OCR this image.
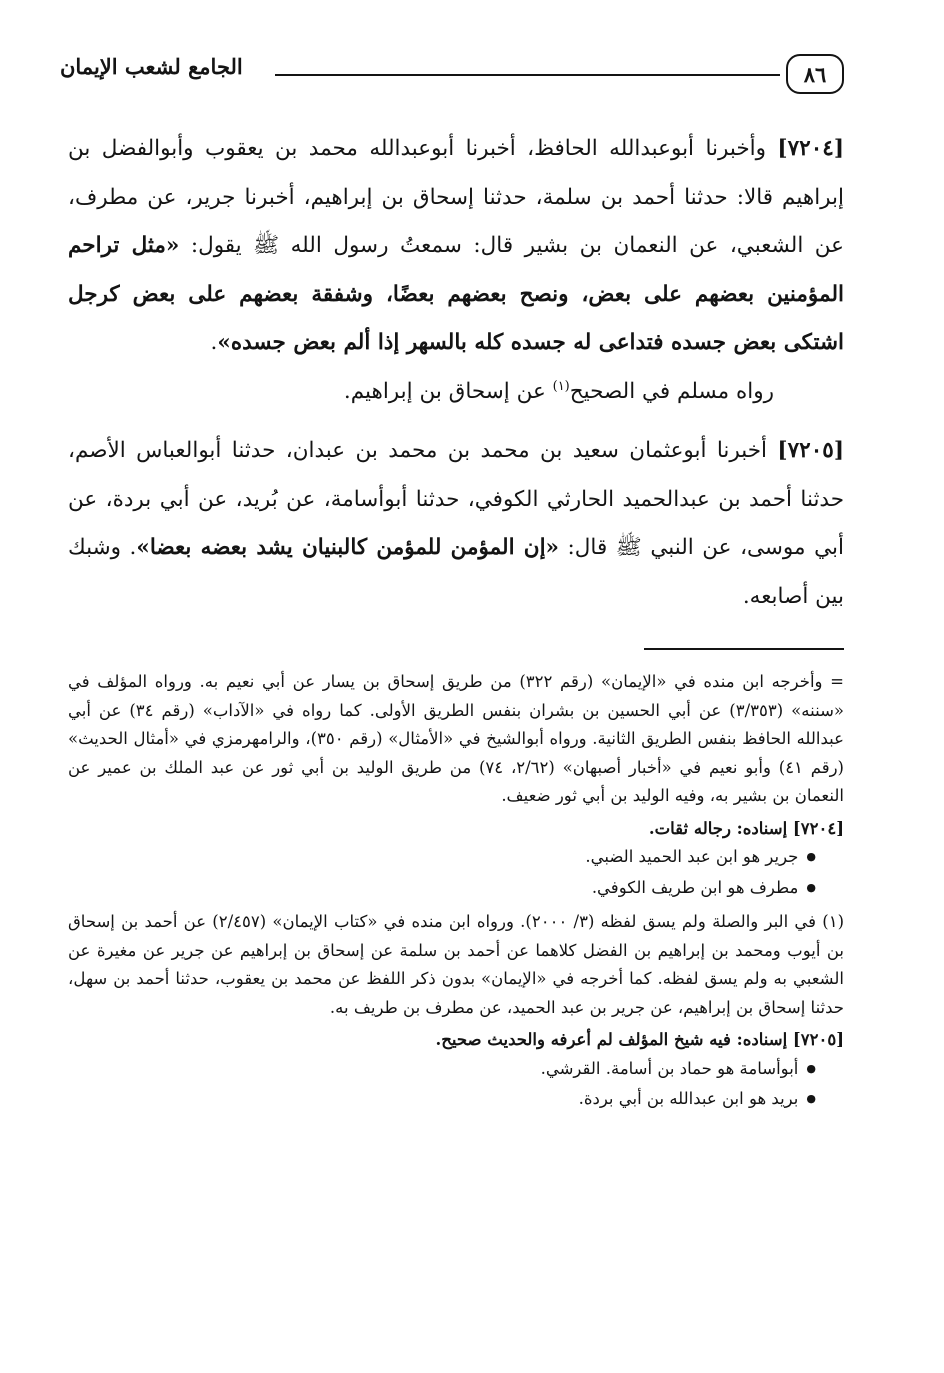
٨٦
الجامع لشعب الإيمان

[٧٢٠٤] وأخبرنا أبوعبدالله الحافظ، أخبرنا أبوعبدالله محمد بن يعقوب وأبوالفضل بن إبراهيم قالا: حدثنا أحمد بن سلمة، حدثنا إسحاق بن إبراهيم، أخبرنا جرير، عن مطرف، عن الشعبي، عن النعمان بن بشير قال: سمعتُ رسول الله ﷺ يقول: «مثل تراحم المؤمنين بعضهم على بعض، ونصح بعضهم بعضًا، وشفقة بعضهم على بعض كرجل اشتكى بعض جسده فتداعى له جسده كله بالسهر إذا ألم بعض جسده».

رواه مسلم في الصحيح$^{(١)}$ عن إسحاق بن إبراهيم.

[٧٢٠٥] أخبرنا أبوعثمان سعيد بن محمد بن محمد بن عبدان، حدثنا أبوالعباس الأصم، حدثنا أحمد بن عبدالحميد الحارثي الكوفي، حدثنا أبوأسامة، عن بُريد، عن أبي بردة، عن أبي موسى، عن النبي ﷺ قال: «إن المؤمن للمؤمن كالبنيان يشد بعضه بعضا». وشبك بين أصابعه.

= وأخرجه ابن منده في «الإيمان» (رقم ٣٢٢) من طريق إسحاق بن يسار عن أبي نعيم به. ورواه المؤلف في «سننه» (٣/٣٥٣) عن أبي الحسين بن بشران بنفس الطريق الأولى. كما رواه في «الآداب» (رقم ٣٤) عن أبي عبدالله الحافظ بنفس الطريق الثانية. ورواه أبوالشيخ في «الأمثال» (رقم ٣٥٠)، والرامهرمزي في «أمثال الحديث» (رقم ٤١) وأبو نعيم في «أخبار أصبهان» (٢/٦٢، ٧٤) من طريق الوليد بن أبي ثور عن عبد الملك بن عمير عن النعمان بن بشير به، وفيه الوليد بن أبي ثور ضعيف.

[٧٢٠٤] إسناده: رجاله ثقات.

● جرير هو ابن عبد الحميد الضبي.

● مطرف هو ابن طريف الكوفي.

(١) في البر والصلة ولم يسق لفظه (٣/ ٢٠٠٠). ورواه ابن منده في «كتاب الإيمان» (٢/٤٥٧) عن أحمد بن إسحاق بن أيوب ومحمد بن إبراهيم بن الفضل كلاهما عن أحمد بن سلمة عن إسحاق بن إبراهيم عن جرير عن مغيرة عن الشعبي به ولم يسق لفظه. كما أخرجه في «الإيمان» بدون ذكر اللفظ عن محمد بن يعقوب، حدثنا أحمد بن سهل، حدثنا إسحاق بن إبراهيم، عن جرير بن عبد الحميد، عن مطرف بن طريف به.

[٧٢٠٥] إسناده: فيه شيخ المؤلف لم أعرفه والحديث صحيح.

● أبوأسامة هو حماد بن أسامة. القرشي.

● بريد هو ابن عبدالله بن أبي بردة.
